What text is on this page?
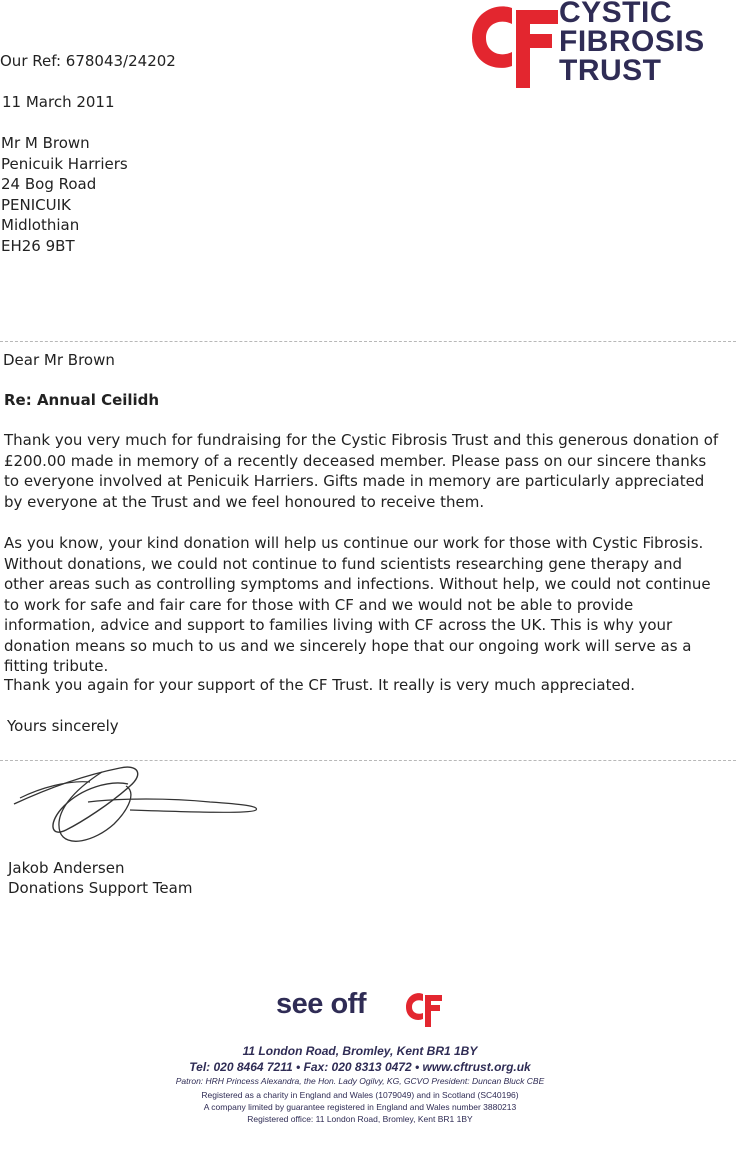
CYSTIC
FIBROSIS
TRUST
Our Ref: 678043/24202
11 March 2011
Mr M Brown
Penicuik Harriers
24 Bog Road
PENICUIK
Midlothian
EH26 9BT
Dear Mr Brown
Re: Annual Ceilidh

Thank you very much for fundraising for the Cystic Fibrosis Trust and this generous donation of £200.00 made in memory of a recently deceased member. Please pass on our sincere thanks to everyone involved at Penicuik Harriers. Gifts made in memory are particularly appreciated by everyone at the Trust and we feel honoured to receive them.

As you know, your kind donation will help us continue our work for those with Cystic Fibrosis. Without donations, we could not continue to fund scientists researching gene therapy and other areas such as controlling symptoms and infections. Without help, we could not continue to work for safe and fair care for those with CF and we would not be able to provide information, advice and support to families living with CF across the UK. This is why your donation means so much to us and we sincerely hope that our ongoing work will serve as a fitting tribute.

Thank you again for your support of the CF Trust. It really is very much appreciated.

Yours sincerely
Jakob Andersen
Donations Support Team
see off
11 London Road, Bromley, Kent BR1 1BY
Tel: 020 8464 7211 • Fax: 020 8313 0472 • www.cftrust.org.uk
Patron: HRH Princess Alexandra, the Hon. Lady Ogilvy, KG, GCVO President: Duncan Bluck CBE
Registered as a charity in England and Wales (1079049) and in Scotland (SC40196)
A company limited by guarantee registered in England and Wales number 3880213
Registered office: 11 London Road, Bromley, Kent BR1 1BY
